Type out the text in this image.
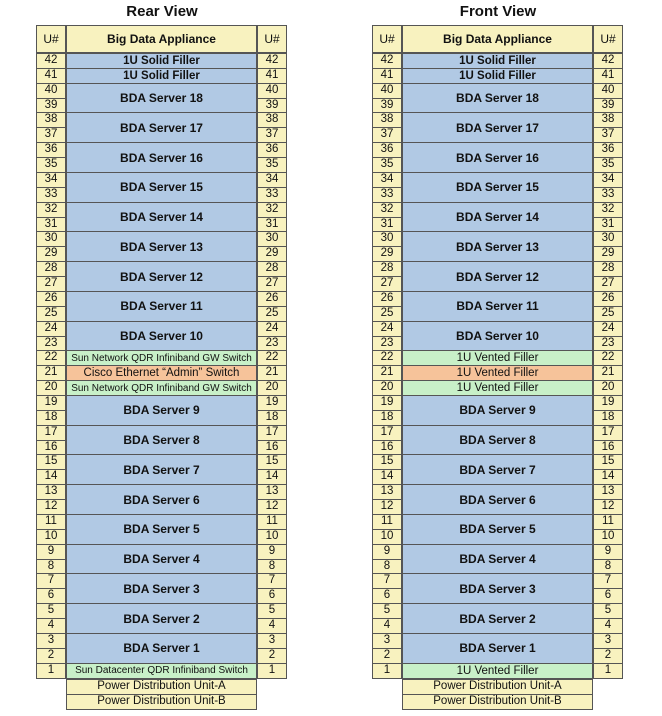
Rear View
U#
42
41
40
39
38
37
36
35
34
33
32
31
30
29
28
27
26
25
24
23
22
21
20
19
18
17
16
15
14
13
12
11
10
9
8
7
6
5
4
3
2
1
U#
42
41
40
39
38
37
36
35
34
33
32
31
30
29
28
27
26
25
24
23
22
21
20
19
18
17
16
15
14
13
12
11
10
9
8
7
6
5
4
3
2
1
Big Data Appliance
1U Solid Filler
1U Solid Filler
BDA Server 18
BDA Server 17
BDA Server 16
BDA Server 15
BDA Server 14
BDA Server 13
BDA Server 12
BDA Server 11
BDA Server 10
Sun Network QDR Infiniband GW Switch
Cisco Ethernet “Admin” Switch
Sun Network QDR Infiniband GW Switch
BDA Server 9
BDA Server 8
BDA Server 7
BDA Server 6
BDA Server 5
BDA Server 4
BDA Server 3
BDA Server 2
BDA Server 1
Sun Datacenter QDR Infiniband Switch
Power Distribution Unit-A
Power Distribution Unit-B
Front View
U#
42
41
40
39
38
37
36
35
34
33
32
31
30
29
28
27
26
25
24
23
22
21
20
19
18
17
16
15
14
13
12
11
10
9
8
7
6
5
4
3
2
1
U#
42
41
40
39
38
37
36
35
34
33
32
31
30
29
28
27
26
25
24
23
22
21
20
19
18
17
16
15
14
13
12
11
10
9
8
7
6
5
4
3
2
1
Big Data Appliance
1U Solid Filler
1U Solid Filler
BDA Server 18
BDA Server 17
BDA Server 16
BDA Server 15
BDA Server 14
BDA Server 13
BDA Server 12
BDA Server 11
BDA Server 10
1U Vented Filler
1U Vented Filler
1U Vented Filler
BDA Server 9
BDA Server 8
BDA Server 7
BDA Server 6
BDA Server 5
BDA Server 4
BDA Server 3
BDA Server 2
BDA Server 1
1U Vented Filler
Power Distribution Unit-A
Power Distribution Unit-B
